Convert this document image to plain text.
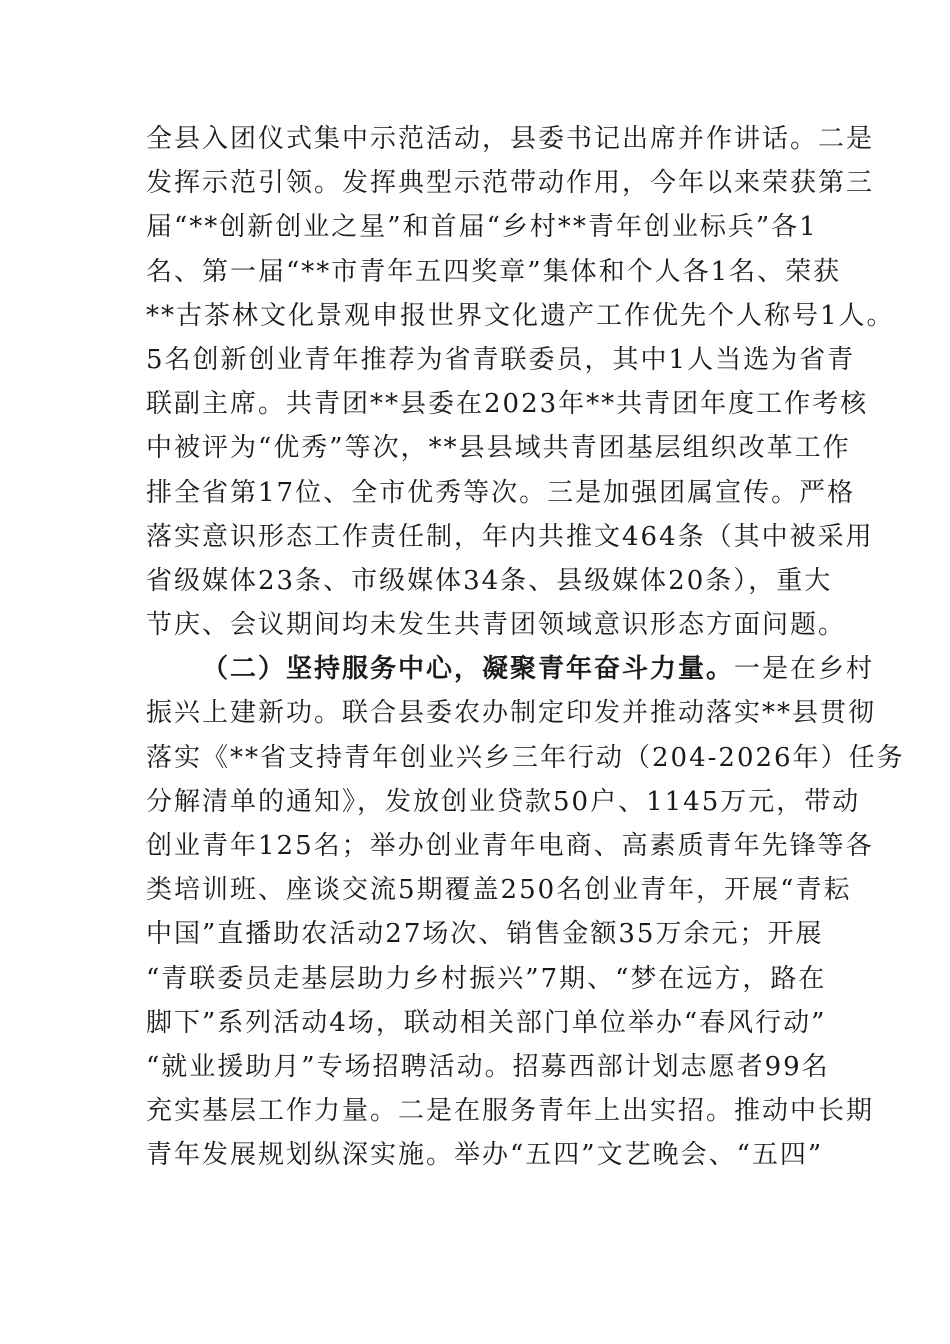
全县入团仪式集中示范活动，县委书记出席并作讲话。二是
发挥示范引领。发挥典型示范带动作用，今年以来荣获第三
届“**创新创业之星”和首届“乡村**青年创业标兵”各1
名、第一届“**市青年五四奖章”集体和个人各1名、荣获
**古茶林文化景观申报世界文化遗产工作优先个人称号1人。
5名创新创业青年推荐为省青联委员，其中1人当选为省青
联副主席。共青团**县委在2023年**共青团年度工作考核
中被评为“优秀”等次，**县县域共青团基层组织改革工作
排全省第17位、全市优秀等次。三是加强团属宣传。严格
落实意识形态工作责任制，年内共推文464条（其中被采用
省级媒体23条、市级媒体34条、县级媒体20条），重大
节庆、会议期间均未发生共青团领域意识形态方面问题。
（二）坚持服务中心，凝聚青年奋斗力量。一是在乡村
振兴上建新功。联合县委农办制定印发并推动落实**县贯彻
落实《**省支持青年创业兴乡三年行动（204-2026年）任务
分解清单的通知》，发放创业贷款50户、1145万元，带动
创业青年125名；举办创业青年电商、高素质青年先锋等各
类培训班、座谈交流5期覆盖250名创业青年，开展“青耘
中国”直播助农活动27场次、销售金额35万余元；开展
“青联委员走基层助力乡村振兴”7期、“梦在远方，路在
脚下”系列活动4场，联动相关部门单位举办“春风行动”
“就业援助月”专场招聘活动。招募西部计划志愿者99名
充实基层工作力量。二是在服务青年上出实招。推动中长期
青年发展规划纵深实施。举办“五四”文艺晚会、“五四”
